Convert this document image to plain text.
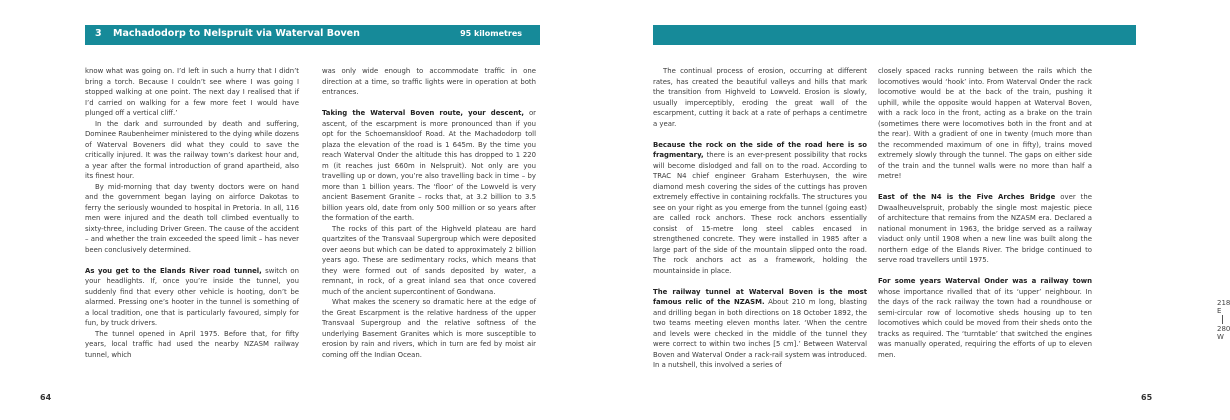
3 Machadodorp to Nelspruit via Waterval Boven	95 kilometres

know what was going on. I’d left in such a hurry that I didn’t bring a torch. Because I couldn’t see where I was going I stopped walking at one point. The next day I realised that if I’d carried on walking for a few more feet I would have plunged off a vertical cliff.’

In the dark and surrounded by death and suffering, Dominee Raubenheimer ministered to the dying while dozens of Waterval Boveners did what they could to save the critically injured. It was the railway town’s darkest hour and, a year after the formal introduction of grand apartheid, also its finest hour.

By mid-morning that day twenty doctors were on hand and the government began laying on airforce Dakotas to ferry the seriously wounded to hospital in Pretoria. In all, 116 men were injured and the death toll climbed eventually to sixty-three, including Driver Green. The cause of the accident – and whether the train exceeded the speed limit – has never been conclusively determined.

As you get to the Elands River road tunnel, switch on your headlights. If, once you’re inside the tunnel, you suddenly find that every other vehicle is hooting, don’t be alarmed. Pressing one’s hooter in the tunnel is something of a local tradition, one that is particularly favoured, simply for fun, by truck drivers.

The tunnel opened in April 1975. Before that, for fifty years, local traffic had used the nearby NZASM railway tunnel, which

was only wide enough to accommodate traffic in one direction at a time, so traffic lights were in operation at both entrances.

Taking the Waterval Boven route, your descent, or ascent, of the escarpment is more pronounced than if you opt for the Schoemanskloof Road. At the Machadodorp toll plaza the elevation of the road is 1 645m. By the time you reach Waterval Onder the altitude this has dropped to 1 220 m (it reaches just 660m in Nelspruit). Not only are you travelling up or down, you’re also travelling back in time – by more than 1 billion years. The ‘floor’ of the Lowveld is very ancient Basement Granite – rocks that, at 3.2 billion to 3.5 billion years old, date from only 500 million or so years after the formation of the earth.

The rocks of this part of the Highveld plateau are hard quartzites of the Transvaal Supergroup which were deposited over aeons but which can be dated to approximately 2 billion years ago. These are sedimentary rocks, which means that they were formed out of sands deposited by water, a remnant, in rock, of a great inland sea that once covered much of the ancient supercontinent of Gondwana.

What makes the scenery so dramatic here at the edge of the Great Escarpment is the relative hardness of the upper Transvaal Supergroup and the relative softness of the underlying Basement Granites which is more susceptible to erosion by rain and rivers, which in turn are fed by moist air coming off the Indian Ocean.

64

The continual process of erosion, occurring at different rates, has created the beautiful valleys and hills that mark the transition from Highveld to Lowveld. Erosion is slowly, usually imperceptibly, eroding the great wall of the escarpment, cutting it back at a rate of perhaps a centimetre a year.

Because the rock on the side of the road here is so fragmentary, there is an ever-present possibility that rocks will become dislodged and fall on to the road. According to TRAC N4 chief engineer Graham Esterhuysen, the wire diamond mesh covering the sides of the cuttings has proven extremely effective in containing rockfalls. The structures you see on your right as you emerge from the tunnel (going east) are called rock anchors. These rock anchors essentially consist of 15-metre long steel cables encased in strengthened concrete. They were installed in 1985 after a large part of the side of the mountain slipped onto the road. The rock anchors act as a framework, holding the mountainside in place.

The railway tunnel at Waterval Boven is the most famous relic of the NZASM. About 210 m long, blasting and drilling began in both directions on 18 October 1892, the two teams meeting eleven months later. ‘When the centre and levels were checked in the middle of the tunnel they were correct to within two inches [5 cm].’ Between Waterval Boven and Waterval Onder a rack-rail system was introduced. In a nutshell, this involved a series of

closely spaced racks running between the rails which the locomotives would ‘hook’ into. From Waterval Onder the rack locomotive would be at the back of the train, pushing it uphill, while the opposite would happen at Waterval Boven, with a rack loco in the front, acting as a brake on the train (sometimes there were locomotives both in the front and at the rear). With a gradient of one in twenty (much more than the recommended maximum of one in fifty), trains moved extremely slowly through the tunnel. The gaps on either side of the train and the tunnel walls were no more than half a metre!

East of the N4 is the Five Arches Bridge over the Dwaalheuvelspruit, probably the single most majestic piece of architecture that remains from the NZASM era. Declared a national monument in 1963, the bridge served as a railway viaduct only until 1908 when a new line was built along the northern edge of the Elands River. The bridge continued to serve road travellers until 1975.

For some years Waterval Onder was a railway town whose importance rivalled that of its ‘upper’ neighbour. In the days of the rack railway the town had a roundhouse or semi-circular row of locomotive sheds housing up to ten locomotives which could be moved from their sheds onto the tracks as required. The ‘turntable’ that switched the engines was manually operated, requiring the efforts of up to eleven men.

218 E280 W
65
